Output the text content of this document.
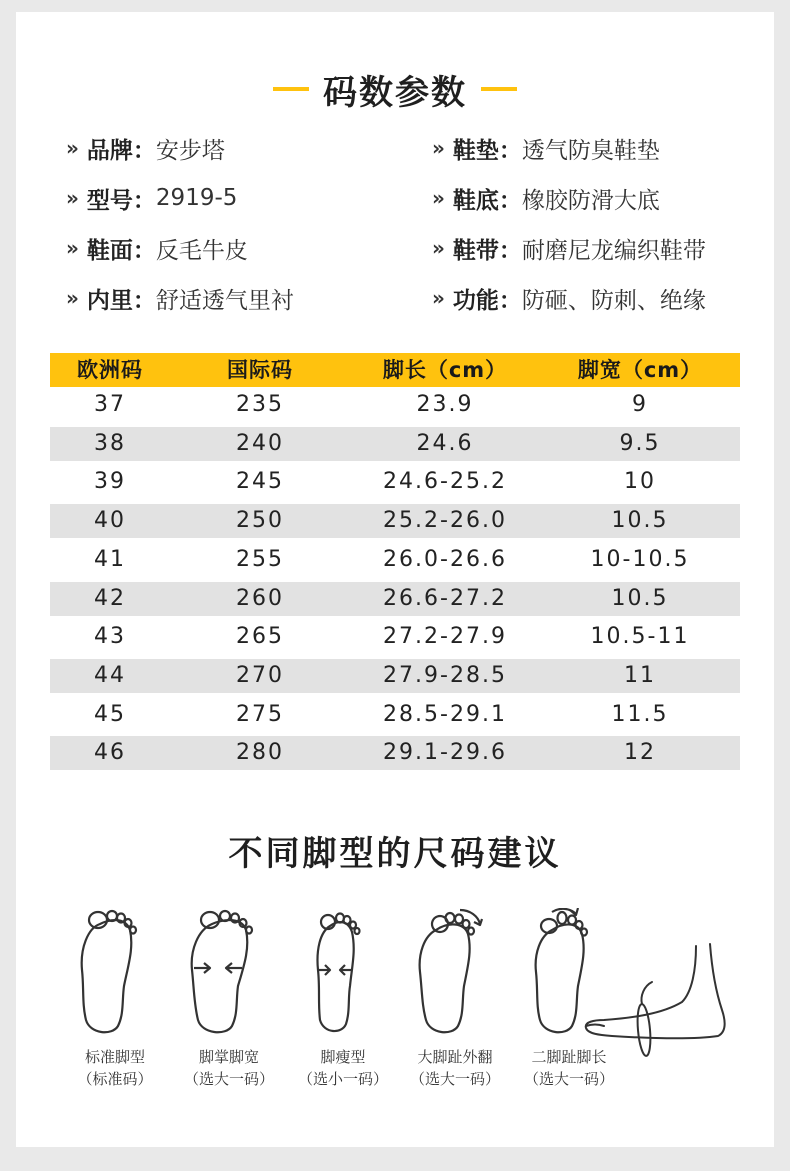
码数参数
» 品牌： 安步塔	» 鞋垫： 透气防臭鞋垫
» 型号： 2919-5	» 鞋底： 橡胶防滑大底
» 鞋面： 反毛牛皮	» 鞋带： 耐磨尼龙编织鞋带
» 内里： 舒适透气里衬	» 功能： 防砸、防刺、绝缘
欧洲码	国际码	脚长（cm）	脚宽（cm）
37	235	23.9	9
38	240	24.6	9.5
39	245	24.6-25.2	10
40	250	25.2-26.0	10.5
41	255	26.0-26.6	10-10.5
42	260	26.6-27.2	10.5
43	265	27.2-27.9	10.5-11
44	270	27.9-28.5	11
45	275	28.5-29.1	11.5
46	280	29.1-29.6	12
不同脚型的尺码建议
标准脚型
（标准码）
脚掌脚宽
（选大一码）
脚瘦型
（选小一码）
大脚趾外翻
（选大一码）
二脚趾脚长
（选大一码）
